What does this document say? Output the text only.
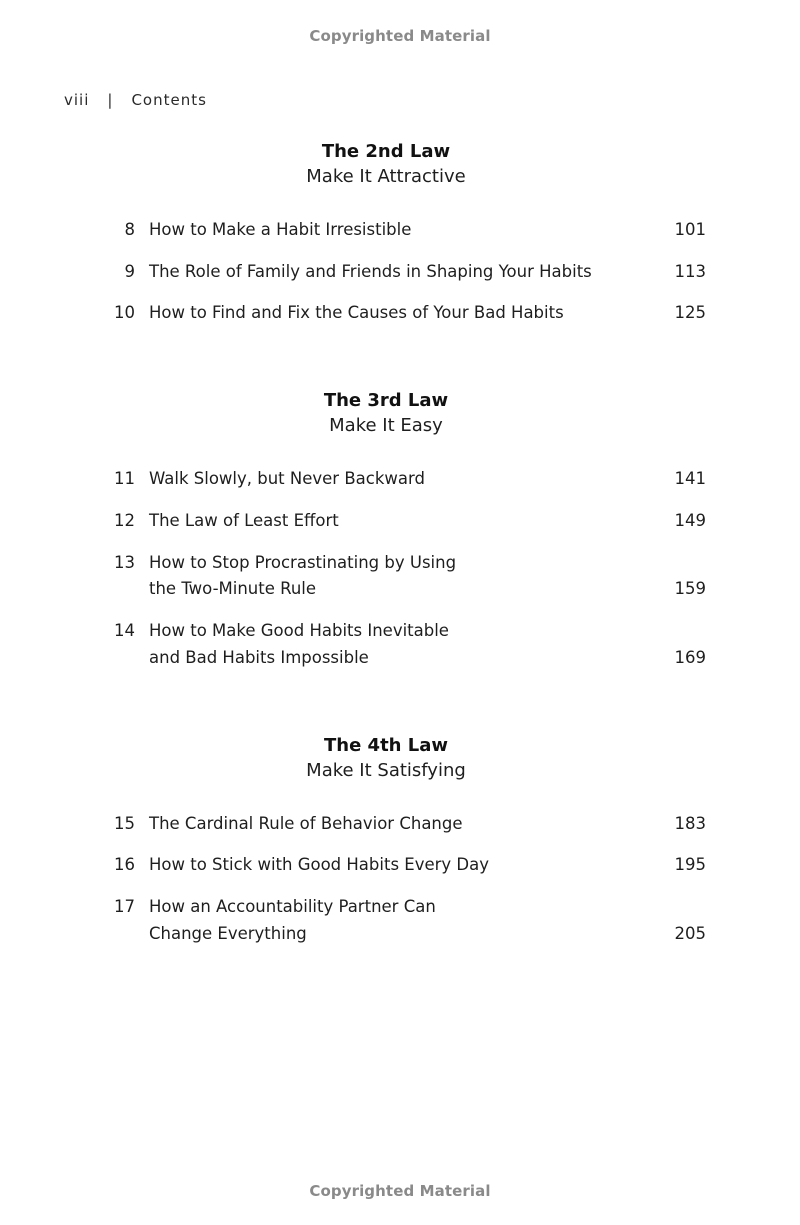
Copyrighted Material
viii | Contents
The 2nd Law
Make It Attractive
8 How to Make a Habit Irresistible	101
9 The Role of Family and Friends in Shaping Your Habits	113
10 How to Find and Fix the Causes of Your Bad Habits	125
The 3rd Law
Make It Easy
11 Walk Slowly, but Never Backward	141
12 The Law of Least Effort	149
13 How to Stop Procrastinating by Using
the Two-Minute Rule	159
14 How to Make Good Habits Inevitable
and Bad Habits Impossible	169
The 4th Law
Make It Satisfying
15 The Cardinal Rule of Behavior Change	183
16 How to Stick with Good Habits Every Day	195
17 How an Accountability Partner Can
Change Everything	205
Copyrighted Material
